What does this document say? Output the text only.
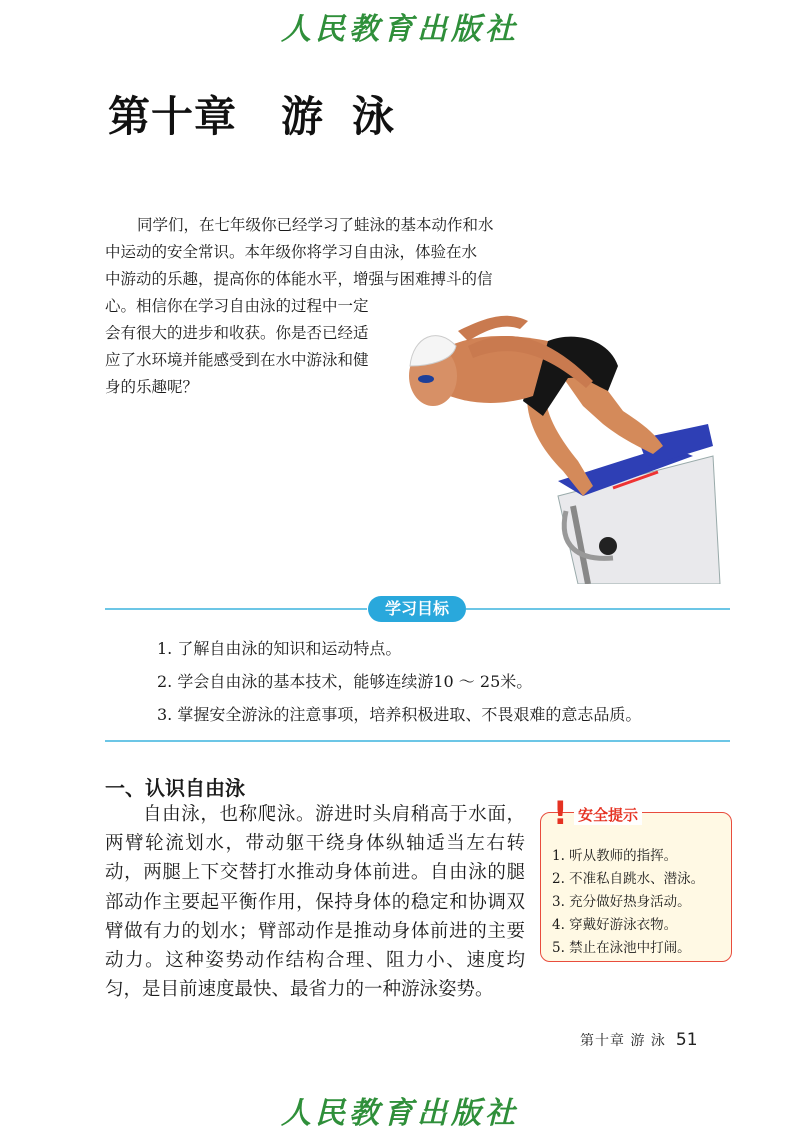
人民教育出版社
第十章 游 泳

同学们，在七年级你已经学习了蛙泳的基本动作和水

中运动的安全常识。本年级你将学习自由泳，体验在水

中游动的乐趣，提高你的体能水平，增强与困难搏斗的信

心。相信你在学习自由泳的过程中一定

会有很大的进步和收获。你是否已经适

应了水环境并能感受到在水中游泳和健

身的乐趣呢？

学习目标
1. 了解自由泳的知识和运动特点。
2. 学会自由泳的基本技术，能够连续游10 ～ 25米。
3. 掌握安全游泳的注意事项，培养积极进取、不畏艰难的意志品质。
一、认识自由泳

自由泳，也称爬泳。游进时头肩稍高于水面，两臂轮流划水，带动躯干绕身体纵轴适当左右转动，两腿上下交替打水推动身体前进。自由泳的腿部动作主要起平衡作用，保持身体的稳定和协调双臂做有力的划水；臂部动作是推动身体前进的主要动力。这种姿势动作结构合理、阻力小、速度均匀，是目前速度最快、最省力的一种游泳姿势。

安全提示
!
1. 听从教师的指挥。
2. 不准私自跳水、潜泳。
3. 充分做好热身活动。
4. 穿戴好游泳衣物。
5. 禁止在泳池中打闹。
第十章 游 泳 51
人民教育出版社
